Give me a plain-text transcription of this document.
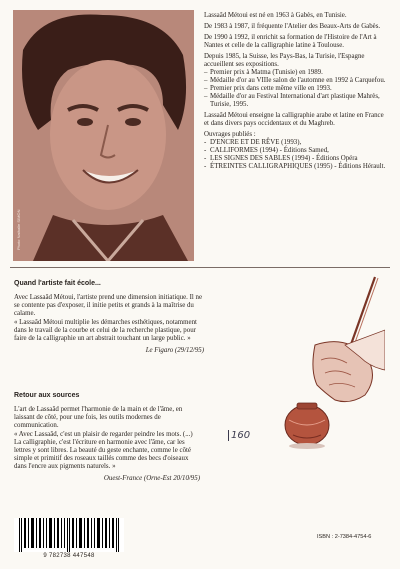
Photo Nathalie SIMON

Lassaâd Métoui est né en 1963 à Gabès, en Tunisie.

De 1983 à 1987, il fréquente l'Atelier des Beaux-Arts de Gabès.

De 1990 à 1992, il enrichit sa formation de l'Histoire de l'Art à Nantes et celle de la calligraphie latine à Toulouse.

Depuis 1985, la Suisse, les Pays-Bas, la Turisie, l'Espagne accueillent ses expositions.

– Premier prix à Matma (Tunisie) en 1989.
– Médaille d'or au VIIIe salon de l'automne en 1992 à Carquefou.
– Premier prix dans cette même ville en 1993.
– Médaille d'or au Festival International d'art plastique Mahrès, Turisie, 1995.

Lassaâd Métoui enseigne la calligraphie arabe et latine en France et dans divers pays occidentaux et du Maghreb.

Ouvrages publiés :

- D'ENCRE ET DE RÊVE (1993),
- CALLIFORMES (1994) - Éditions Samed,
- LES SIGNES DES SABLES (1994) - Éditions Opéra
- ÉTREINTES CALLIGRAPHIQUES (1995) - Éditions Hérault.
Quand l'artiste fait école...

Avec Lassaâd Métoui, l'artiste prend une dimension initiatique. Il ne se contente pas d'exposer, il initie petits et grands à la maîtrise du calame.

« Lassaâd Métoui multiplie les démarches esthétiques, notamment dans le travail de la courbe et celui de la recherche plastique, pour faire de la calligraphie un art abstrait touchant un large public. »

Le Figaro (29/12/95)

Retour aux sources

L'art de Lassaâd permet l'harmonie de la main et de l'âme, en laissant de côté, pour une fois, les outils modernes de communication.

« Avec Lassaâd, c'est un plaisir de regarder peindre les mots. (...) La calligraphie, c'est l'écriture en harmonie avec l'âme, car les lettres y sont libres. La beauté du geste enchante, comme le côté simple et primitif des roseaux taillés comme des becs d'oiseaux dans l'encre aux pigments naturels. »

Ouest-France (Orne-Est 20/10/95)

160
9 782738 447548
ISBN : 2-7384-4754-6
